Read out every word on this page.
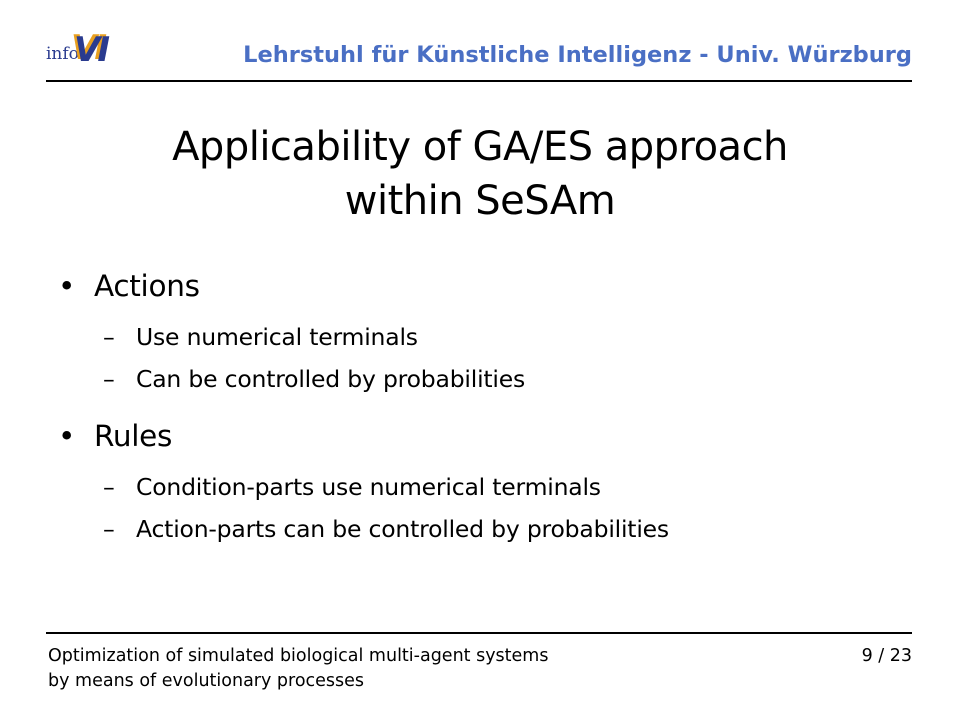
info
VI	Lehrstuhl für Künstliche Intelligenz - Univ. Würzburg
Applicability of GA/ES approach
within SeSAm
• Actions
– Use numerical terminals
– Can be controlled by probabilities
• Rules
– Condition-parts use numerical terminals
– Action-parts can be controlled by probabilities
Optimization of simulated biological multi-agent systems
by means of evolutionary processes
9 / 23
